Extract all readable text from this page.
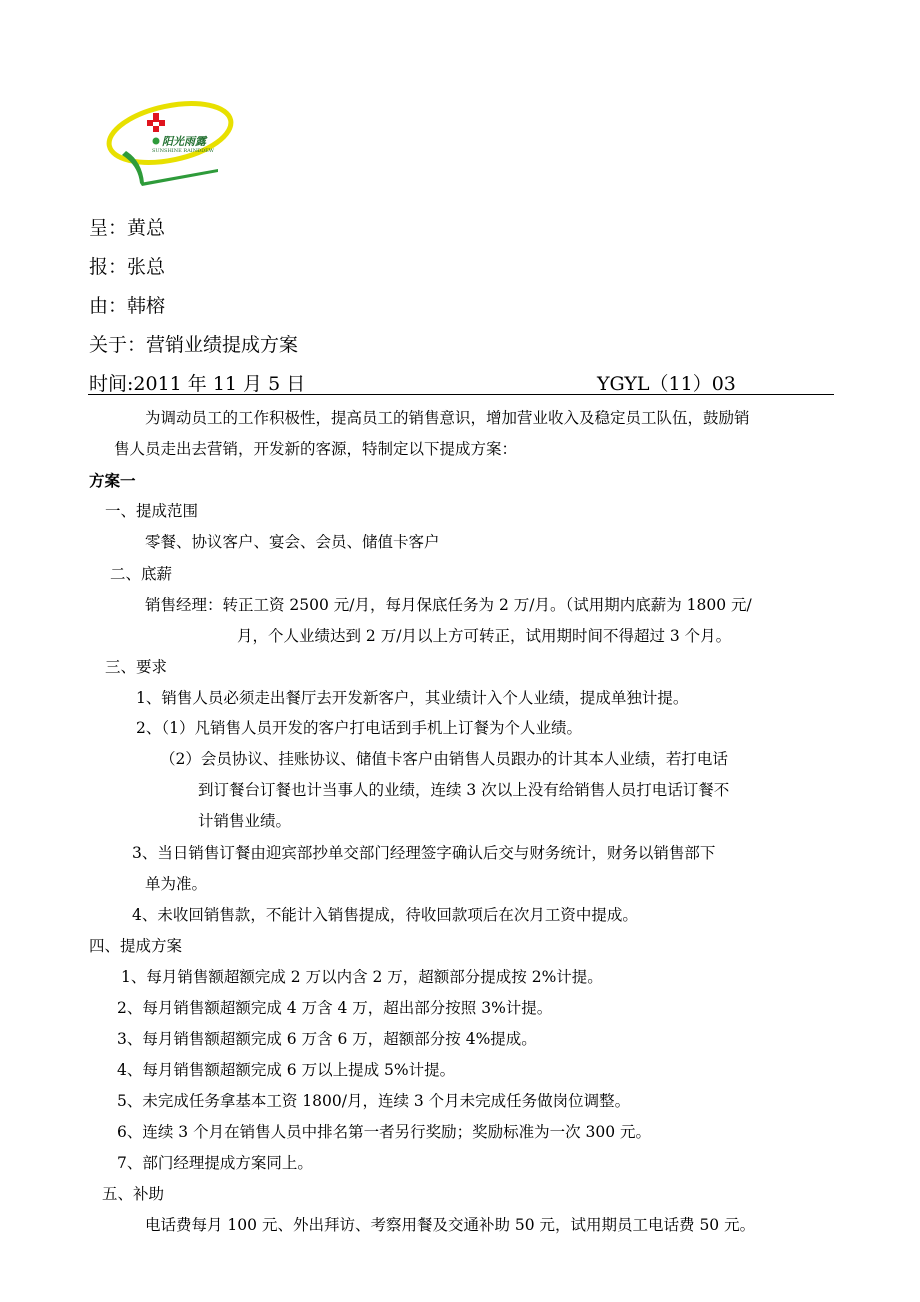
阳光雨露
SUNSHINE RAINÐDEW
呈：黄总
报：张总
由：韩榕
关于：营销业绩提成方案
时间:2011 年 11 月 5 日	YGYL（11）03
为调动员工的工作积极性，提高员工的销售意识，增加营业收入及稳定员工队伍，鼓励销
售人员走出去营销，开发新的客源，特制定以下提成方案：
方案一
一、提成范围
零餐、协议客户、宴会、会员、储值卡客户
二、底薪
销售经理：转正工资 2500 元/月，每月保底任务为 2 万/月。（试用期内底薪为 1800 元/
月，个人业绩达到 2 万/月以上方可转正，试用期时间不得超过 3 个月。
三、要求
1、销售人员必须走出餐厅去开发新客户，其业绩计入个人业绩，提成单独计提。
2、（1）凡销售人员开发的客户打电话到手机上订餐为个人业绩。
（2）会员协议、挂账协议、储值卡客户由销售人员跟办的计其本人业绩，若打电话
到订餐台订餐也计当事人的业绩，连续 3 次以上没有给销售人员打电话订餐不
计销售业绩。
3、当日销售订餐由迎宾部抄单交部门经理签字确认后交与财务统计，财务以销售部下
单为准。
4、未收回销售款，不能计入销售提成，待收回款项后在次月工资中提成。
四、提成方案
1、每月销售额超额完成 2 万以内含 2 万，超额部分提成按 2%计提。
2、每月销售额超额完成 4 万含 4 万，超出部分按照 3%计提。
3、每月销售额超额完成 6 万含 6 万，超额部分按 4%提成。
4、每月销售额超额完成 6 万以上提成 5%计提。
5、未完成任务拿基本工资 1800/月，连续 3 个月未完成任务做岗位调整。
6、连续 3 个月在销售人员中排名第一者另行奖励；奖励标准为一次 300 元。
7、部门经理提成方案同上。
五、补助
电话费每月 100 元、外出拜访、考察用餐及交通补助 50 元，试用期员工电话费 50 元。
